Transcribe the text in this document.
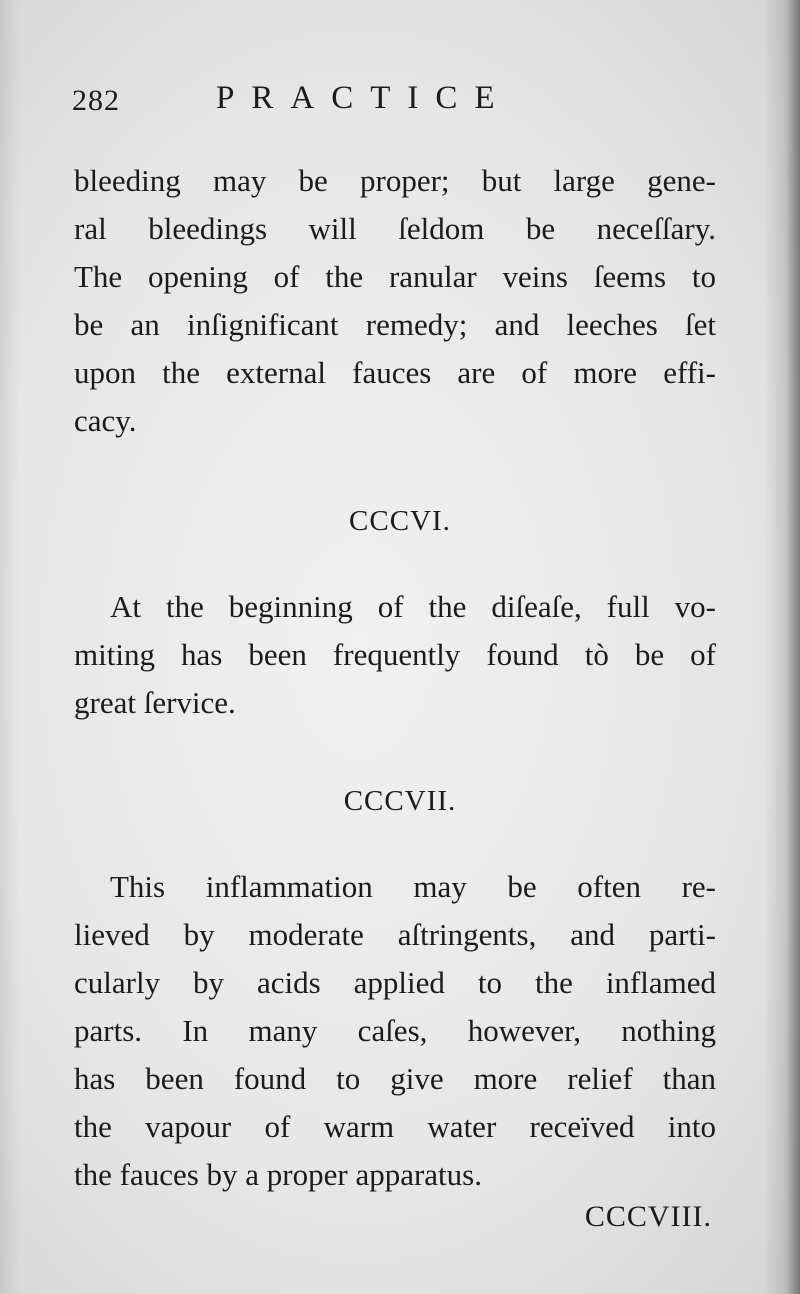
282	PRACTICE
bleeding may be proper; but large gene-
ral bleedings will ſeldom be neceſſary.
The opening of the ranular veins ſeems to
be an inſignificant remedy; and leeches ſet
upon the external fauces are of more effi-
cacy.
CCCVI.
At the beginning of the diſeaſe, full vo-
miting has been frequently found tò be of
great ſervice.
CCCVII.
This inflammation may be often re-
lieved by moderate aſtringents, and parti-
cularly by acids applied to the inflamed
parts. In many caſes, however, nothing
has been found to give more relief than
the vapour of warm water receïved into
the fauces by a proper apparatus.
CCCVIII.
